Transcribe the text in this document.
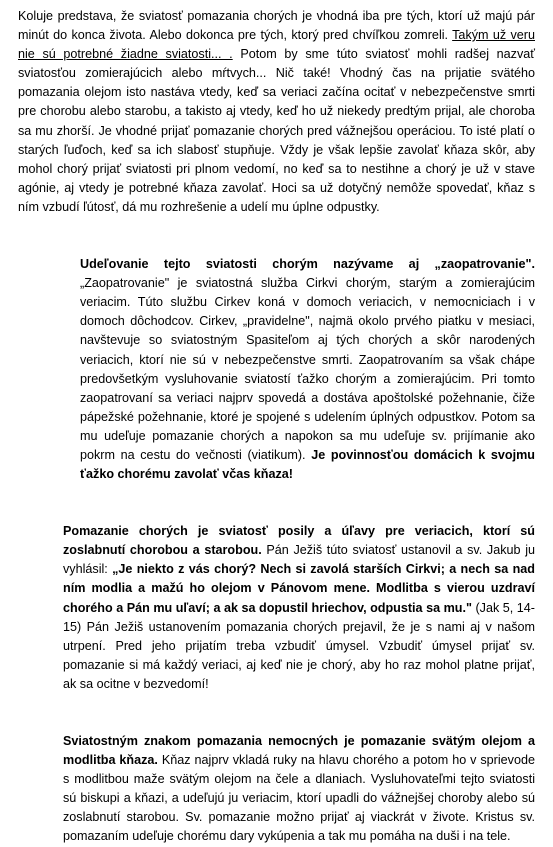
Koluje predstava, že sviatosť pomazania chorých je vhodná iba pre tých, ktorí už majú pár minút do konca života. Alebo dokonca pre tých, ktorý pred chvíľkou zomreli. Takým už veru nie sú potrebné žiadne sviatosti... . Potom by sme túto sviatosť mohli radšej nazvať sviatosťou zomierajúcich alebo mŕtvych... Nič také! Vhodný čas na prijatie svätého pomazania olejom isto nastáva vtedy, keď sa veriaci začína ocitať v nebezpečenstve smrti pre chorobu alebo starobu, a takisto aj vtedy, keď ho už niekedy predtým prijal, ale choroba sa mu zhorší. Je vhodné prijať pomazanie chorých pred vážnejšou operáciou. To isté platí o starých ľuďoch, keď sa ich slabosť stupňuje. Vždy je však lepšie zavolať kňaza skôr, aby mohol chorý prijať sviatosti pri plnom vedomí, no keď sa to nestihne a chorý je už v stave agónie, aj vtedy je potrebné kňaza zavolať. Hoci sa už dotyčný nemôže spovedať, kňaz s ním vzbudí ľútosť, dá mu rozhrešenie a udelí mu úplne odpustky.

Udeľovanie tejto sviatosti chorým nazývame aj „zaopatrovanie". „Zaopatrovanie" je sviatostná služba Cirkvi chorým, starým a zomierajúcim veriacim. Túto službu Cirkev koná v domoch veriacich, v nemocniciach i v domoch dôchodcov. Cirkev, „pravidelne", najmä okolo prvého piatku v mesiaci, navštevuje so sviatostným Spasiteľom aj tých chorých a skôr narodených veriacich, ktorí nie sú v nebezpečenstve smrti. Zaopatrovaním sa však chápe predovšetkým vysluhovanie sviatostí ťažko chorým a zomierajúcim. Pri tomto zaopatrovaní sa veriaci najprv spovedá a dostáva apoštolské požehnanie, čiže pápežské požehnanie, ktoré je spojené s udelením úplných odpustkov. Potom sa mu udeľuje pomazanie chorých a napokon sa mu udeľuje sv. prijímanie ako pokrm na cestu do večnosti (viatikum). Je povinnosťou domácich k svojmu ťažko chorému zavolať včas kňaza!

Pomazanie chorých je sviatosť posily a úľavy pre veriacich, ktorí sú zoslabnutí chorobou a starobou. Pán Ježiš túto sviatosť ustanovil a sv. Jakub ju vyhlásil: „Je niekto z vás chorý? Nech si zavolá starších Cirkvi; a nech sa nad ním modlia a mažú ho olejom v Pánovom mene. Modlitba s vierou uzdraví chorého a Pán mu uľaví; a ak sa dopustil hriechov, odpustia sa mu." (Jak 5, 14-15) Pán Ježiš ustanovením pomazania chorých prejavil, že je s nami aj v našom utrpení. Pred jeho prijatím treba vzbudiť úmysel. Vzbudiť úmysel prijať sv. pomazanie si má každý veriaci, aj keď nie je chorý, aby ho raz mohol platne prijať, ak sa ocitne v bezvedomí!

Sviatostným znakom pomazania nemocných je pomazanie svätým olejom a modlitba kňaza. Kňaz najprv vkladá ruky na hlavu chorého a potom ho v sprievode s modlitbou maže svätým olejom na čele a dlaniach. Vysluhovateľmi tejto sviatosti sú biskupi a kňazi, a udeľujú ju veriacim, ktorí upadli do vážnejšej choroby alebo sú zoslabnutí starobou. Sv. pomazanie možno prijať aj viackrát v živote. Kristus sv. pomazaním udeľuje chorému dary vykúpenia a tak mu pomáha na duši i na tele.
